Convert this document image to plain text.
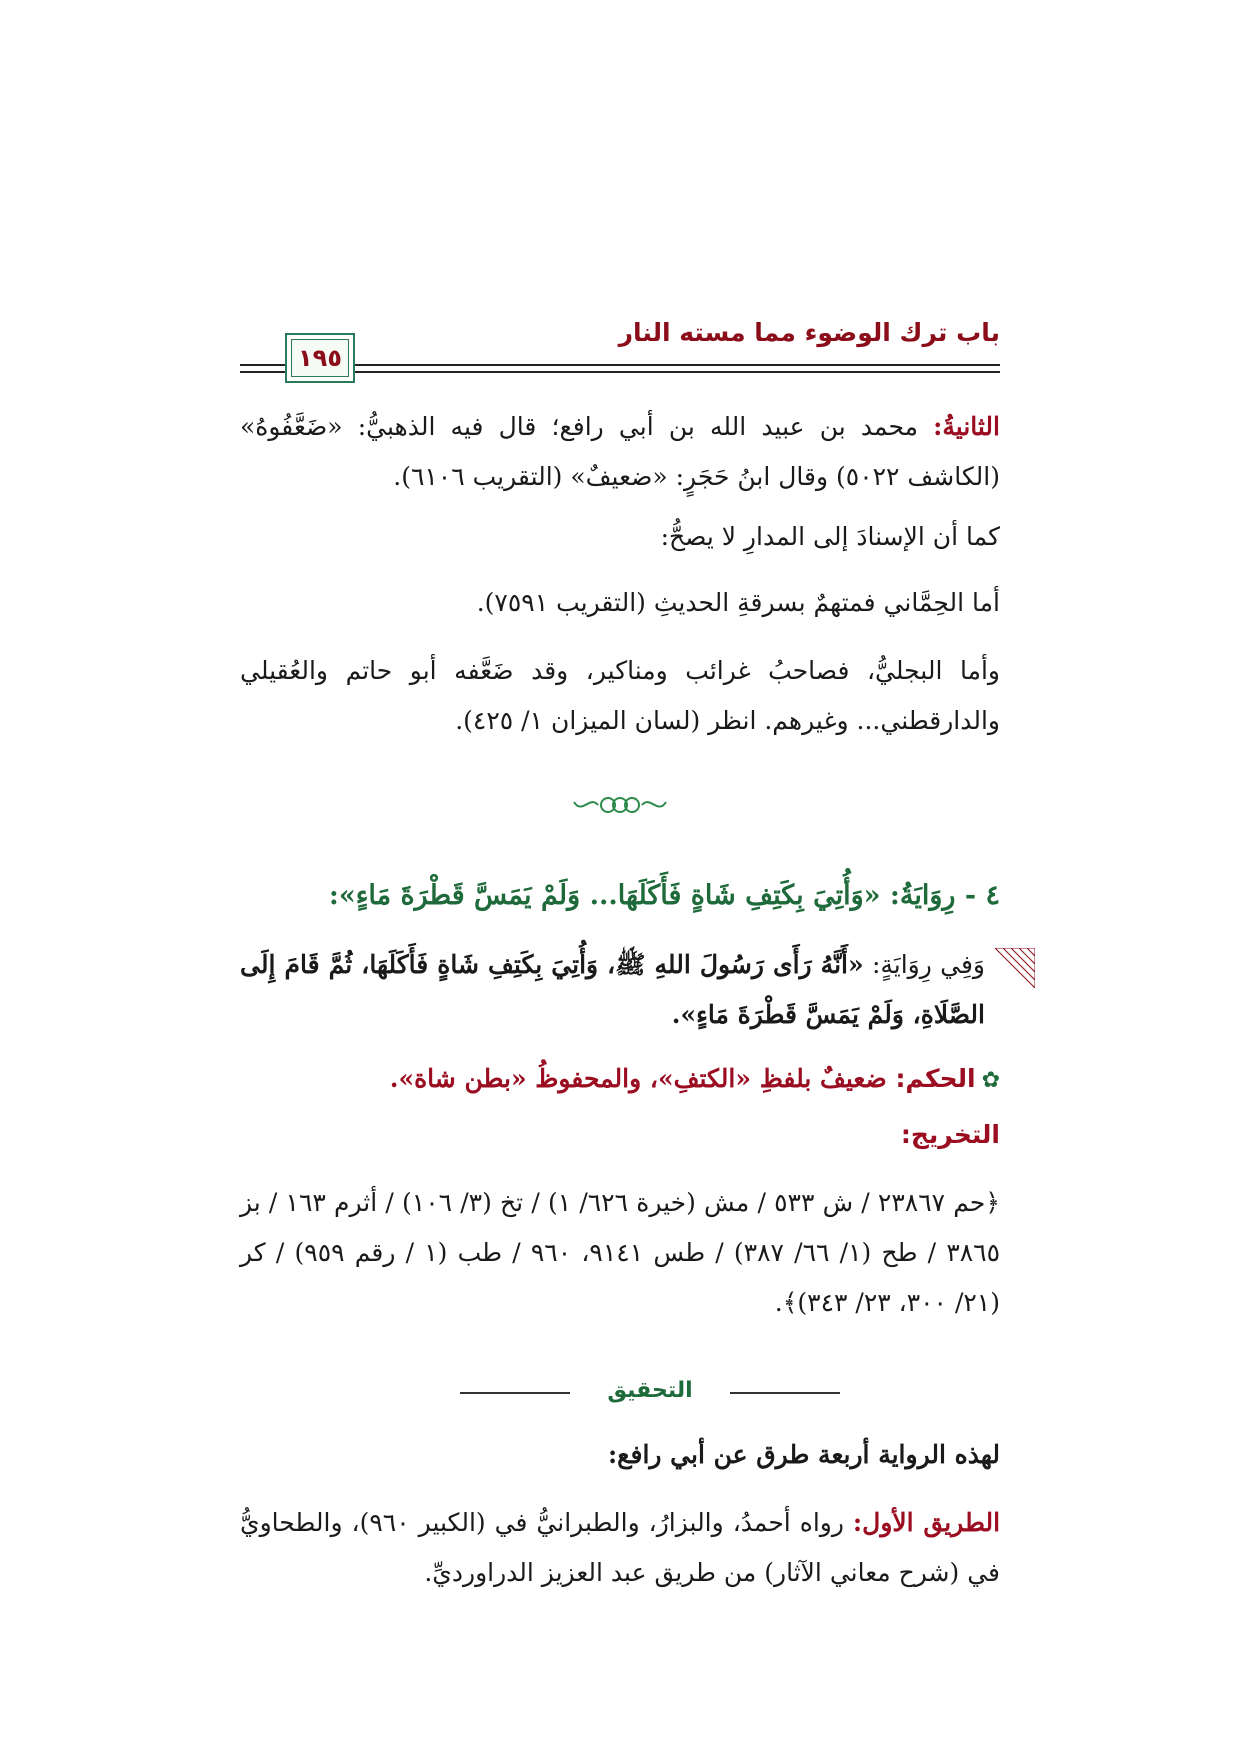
باب ترك الوضوء مما مسته النار
١٩٥
الثانيةُ: محمد بن عبيد الله بن أبي رافع؛ قال فيه الذهبيُّ: «ضَعَّفُوهُ» (الكاشف ٥٠٢٢) وقال ابنُ حَجَرٍ: «ضعيفٌ» (التقريب ٦١٠٦).
كما أن الإسنادَ إلى المدارِ لا يصحُّ:
أما الحِمَّاني فمتهمٌ بسرقةِ الحديثِ (التقريب ٧٥٩١).
وأما البجليُّ، فصاحبُ غرائب ومناكير، وقد ضَعَّفه أبو حاتم والعُقيلي والدارقطني... وغيرهم. انظر (لسان الميزان ١/ ٤٢٥).
٤ - رِوَايَةُ: «وَأُتِيَ بِكَتِفِ شَاةٍ فَأَكَلَهَا... وَلَمْ يَمَسَّ قَطْرَةَ مَاءٍ»:
وَفِي رِوَايَةٍ: «أَنَّهُ رَأَى رَسُولَ اللهِ ﷺ، وَأُتِيَ بِكَتِفِ شَاةٍ فَأَكَلَهَا، ثُمَّ قَامَ إِلَى الصَّلَاةِ، وَلَمْ يَمَسَّ قَطْرَةَ مَاءٍ».
✿الحكم: ضعيفٌ بلفظِ «الكتفِ»، والمحفوظُ «بطن شاة».
التخريج:
﴿حم ٢٣٨٦٧ / ش ٥٣٣ / مش (خيرة ٦٢٦/ ١) / تخ (٣/ ١٠٦) / أثرم ١٦٣ / بز ٣٨٦٥ / طح (١/ ٦٦/ ٣٨٧) / طس ٩١٤١، ٩٦٠ / طب (١ / رقم ٩٥٩) / كر (٢١/ ٣٠٠، ٢٣/ ٣٤٣)﴾.
التحقيق
لهذه الرواية أربعة طرق عن أبي رافع:
الطريق الأول: رواه أحمدُ، والبزارُ، والطبرانيُّ في (الكبير ٩٦٠)، والطحاويُّ في (شرح معاني الآثار) من طريق عبد العزيز الدراورديِّ.
